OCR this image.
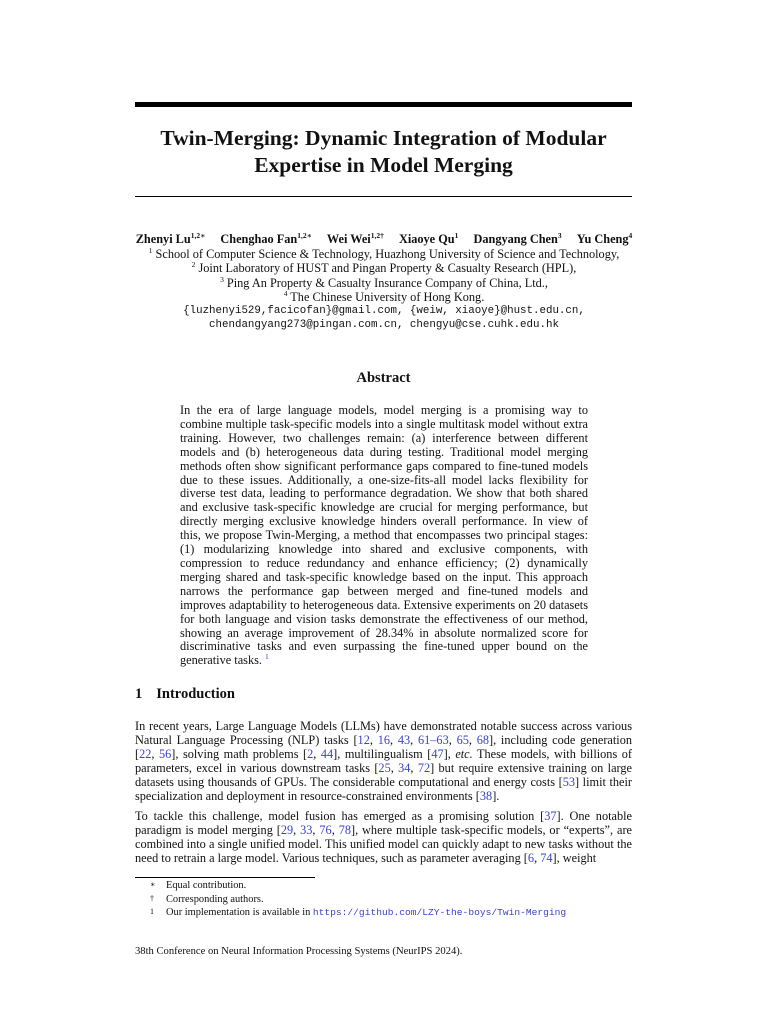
Twin-Merging: Dynamic Integration of Modular
Expertise in Model Merging
Zhenyi $Lu^{1,2∗}$ Chenghao Fan$^{1,2∗}$ Wei Wei$^{1,2\dagger}$ Xiaoye Qu$^1$ Dangyang Chen$^3$ Yu Cheng$^4$
$^1$ School of Computer Science & Technology, Huazhong University of Science and Technology,
$^2$ Joint Laboratory of HUST and Pingan Property & Casualty Research (HPL),
$^3$ Ping An Property & Casualty Insurance Company of China, Ltd.,
$^4$ The Chinese University of Hong Kong.
{luzhenyi529,facicofan}@gmail.com, {weiw, xiaoye}@hust.edu.cn,
chendangyang273@pingan.com.cn, chengyu@cse.cuhk.edu.hk
Abstract

In the era of large language models, model merging is a promising way to combine multiple task-specific models into a single multitask model without extra training. However, two challenges remain: (a) interference between different models and (b) heterogeneous data during testing. Traditional model merging methods often show significant performance gaps compared to fine-tuned models due to these issues. Additionally, a one-size-fits-all model lacks flexibility for diverse test data, leading to performance degradation. We show that both shared and exclusive task-specific knowledge are crucial for merging performance, but directly merging exclusive knowledge hinders overall performance. In view of this, we propose Twin-Merging, a method that encompasses two principal stages: (1) modularizing knowledge into shared and exclusive components, with compression to reduce redundancy and enhance efficiency; (2) dynamically merging shared and task-specific knowledge based on the input. This approach narrows the performance gap between merged and fine-tuned models and improves adaptability to heterogeneous data. Extensive experiments on 20 datasets for both language and vision tasks demonstrate the effectiveness of our method, showing an average improvement of 28.34% in absolute normalized score for discriminative tasks and even surpassing the fine-tuned upper bound on the generative tasks. $^1$

1 Introduction

In recent years, Large Language Models (LLMs) have demonstrated notable success across various Natural Language Processing (NLP) tasks [12, 16, 43, 61–63, 65, 68], including code generation [22, 56], solving math problems [2, 44], multilingualism [47], etc. These models, with billions of parameters, excel in various downstream tasks [25, 34, 72] but require extensive training on large datasets using thousands of GPUs. The considerable computational and energy costs [53] limit their specialization and deployment in resource-constrained environments [38].

To tackle this challenge, model fusion has emerged as a promising solution [37]. One notable paradigm is model merging [29, 33, 76, 78], where multiple task-specific models, or “experts”, are combined into a single unified model. This unified model can quickly adapt to new tasks without the need to retrain a large model. Various techniques, such as parameter averaging [6, 74], weight

∗ Equal contribution.
† Corresponding authors.
1 Our implementation is available in https://github.com/LZY-the-boys/Twin-Merging
38th Conference on Neural Information Processing Systems (NeurIPS 2024).
